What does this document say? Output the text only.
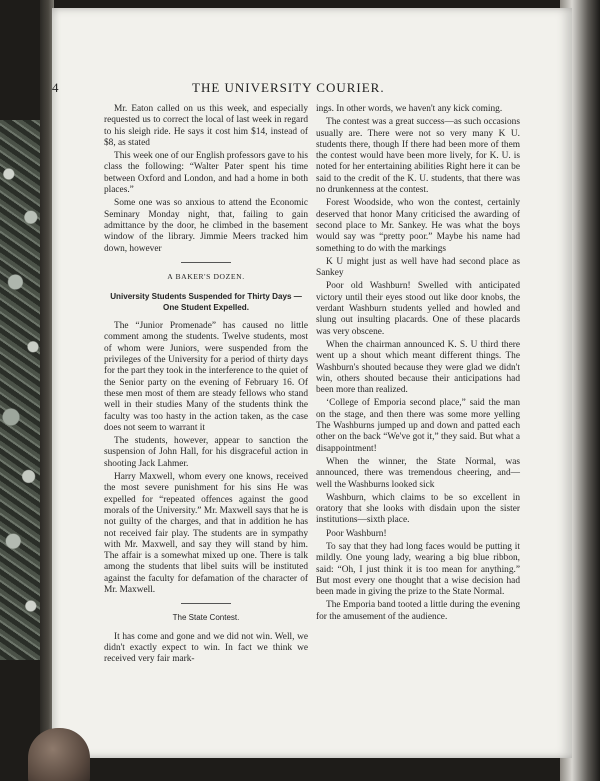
4	THE UNIVERSITY COURIER.

Mr. Eaton called on us this week, and especially requested us to correct the local of last week in regard to his sleigh ride. He says it cost him $14, instead of $8, as stated

This week one of our English professors gave to his class the following: “Walter Pater spent his time between Oxford and London, and had a home in both places.”

Some one was so anxious to attend the Economic Seminary Monday night, that, failing to gain admittance by the door, he climbed in the basement window of the library. Jimmie Meers tracked him down, however

A BAKER'S DOZEN.
University Students Suspended for Thirty Days —One Student Expelled.

The “Junior Promenade” has caused no little comment among the students. Twelve students, most of whom were Juniors, were suspended from the privileges of the University for a period of thirty days for the part they took in the interference to the quiet of the Senior party on the evening of February 16. Of these men most of them are steady fellows who stand well in their studies Many of the students think the faculty was too hasty in the action taken, as the case does not seem to warrant it

The students, however, appear to sanction the suspension of John Hall, for his disgraceful action in shooting Jack Lahmer.

Harry Maxwell, whom every one knows, received the most severe punishment for his sins He was expelled for “repeated offences against the good morals of the University.” Mr. Maxwell says that he is not guilty of the charges, and that in addition he has not received fair play. The students are in sympathy with Mr. Maxwell, and say they will stand by him. The affair is a somewhat mixed up one. There is talk among the students that libel suits will be instituted against the faculty for defamation of the character of Mr. Maxwell.

The State Contest.

It has come and gone and we did not win. Well, we didn't exactly expect to win. In fact we think we received very fair mark-

ings. In other words, we haven't any kick coming.

The contest was a great success—as such occasions usually are. There were not so very many K U. students there, though If there had been more of them the contest would have been more lively, for K. U. is noted for her entertaining abilities Right here it can be said to the credit of the K. U. students, that there was no drunkenness at the contest.

Forest Woodside, who won the contest, certainly deserved that honor Many criticised the awarding of second place to Mr. Sankey. He was what the boys would say was “pretty poor.” Maybe his name had something to do with the markings

K U might just as well have had second place as Sankey

Poor old Washburn! Swelled with anticipated victory until their eyes stood out like door knobs, the verdant Washburn students yelled and howled and slung out insulting placards. One of these placards was very obscene.

When the chairman announced K. S. U third there went up a shout which meant different things. The Washburn's shouted because they were glad we didn't win, others shouted because their anticipations had been more than realized.

‘College of Emporia second place,” said the man on the stage, and then there was some more yelling The Washburns jumped up and down and patted each other on the back “We've got it,” they said. But what a disappointment!

When the winner, the State Normal, was announced, there was tremendous cheering, and—well the Washburns looked sick

Washburn, which claims to be so excellent in oratory that she looks with disdain upon the sister institutions—sixth place.

Poor Washburn!

To say that they had long faces would be putting it mildly. One young lady, wearing a big blue ribbon, said: “Oh, I just think it is too mean for anything.” But most every one thought that a wise decision had been made in giving the prize to the State Normal.

The Emporia band tooted a little during the evening for the amusement of the audience.
